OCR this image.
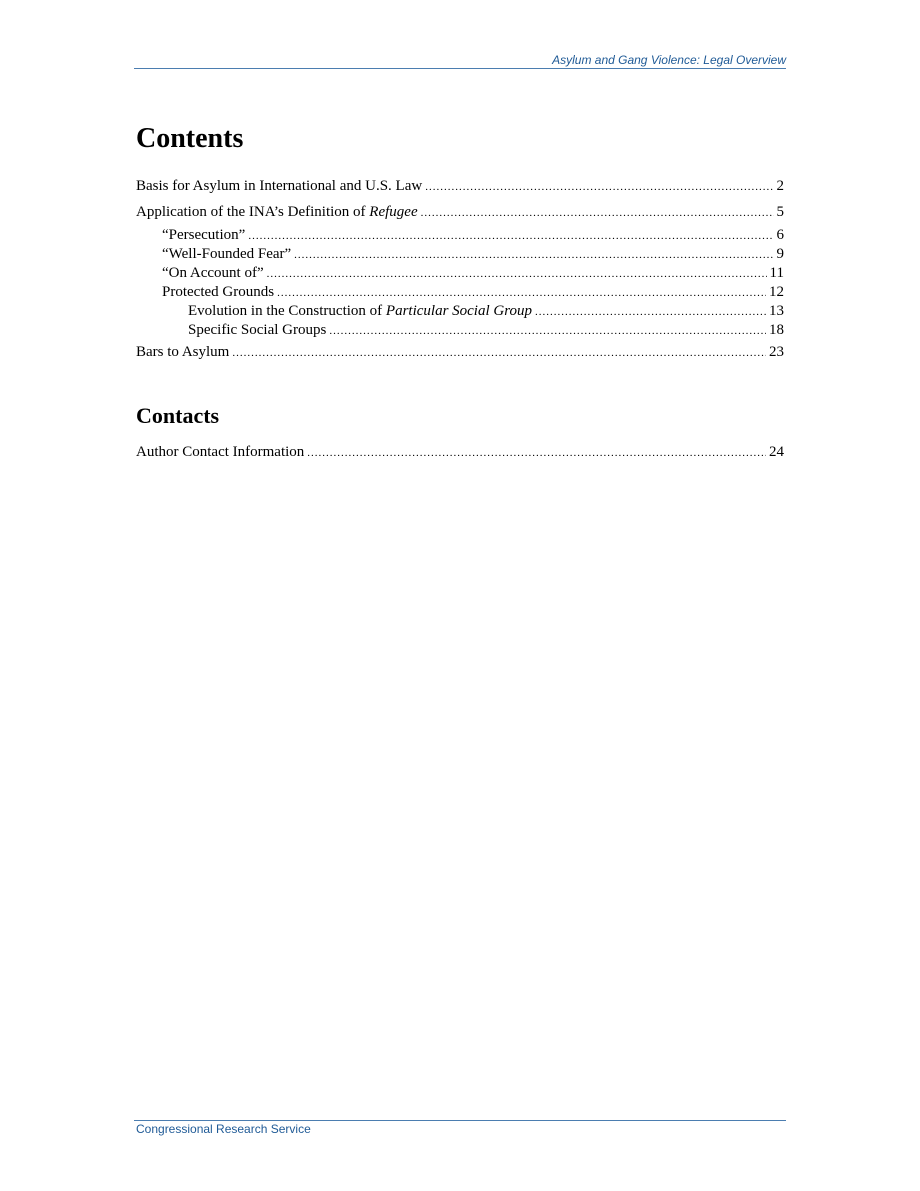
Asylum and Gang Violence: Legal Overview
Contents
Basis for Asylum in International and U.S. Law .....	2
Application of the INA’s Definition of Refugee .....	5
“Persecution” .....	6
“Well-Founded Fear” .....	9
“On Account of” .....	11
Protected Grounds .....	12
Evolution in the Construction of Particular Social Group .....	13
Specific Social Groups .....	18
Bars to Asylum .....	23
Author Contact Information .....	24
Contacts
Congressional Research Service
